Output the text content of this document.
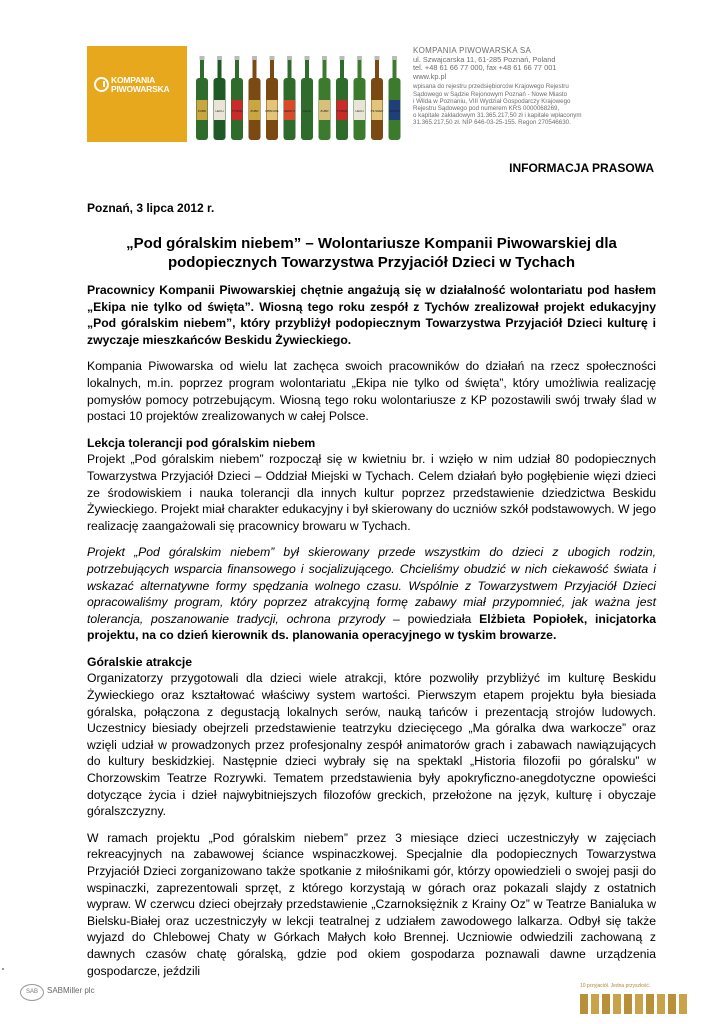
KOMPANIA
PIWOWARSKA
ŻUBR	LECH	TYSKIE	ŻUBR DĘBOWE REDD'S	LECH	ŻUBR	TYSKIE	LECH PILSNER PERONI
KOMPANIA PIWOWARSKA SA
ul. Szwajcarska 11, 61-285 Poznań, Poland
tel. +48 61 66 77 000, fax +48 61 66 77 001
www.kp.pl
wpisana do rejestru przedsiębiorców Krajowego Rejestru
Sądowego w Sądzie Rejonowym Poznań - Nowe Miasto
i Wilda w Poznaniu, VIII Wydział Gospodarczy Krajowego
Rejestru Sądowego pod numerem KRS 0000068269,
o kapitale zakładowym 31.365.217,50 zł i kapitale wpłaconym
31.365.217,50 zł. NIP 646-03-25-155. Regon 270546630.
INFORMACJA PRASOWA
Poznań, 3 lipca 2012 r.
„Pod góralskim niebem” – Wolontariusze Kompanii Piwowarskiej dla
podopiecznych Towarzystwa Przyjaciół Dzieci w Tychach

Pracownicy Kompanii Piwowarskiej chętnie angażują się w działalność wolontariatu pod hasłem „Ekipa nie tylko od święta”. Wiosną tego roku zespół z Tychów zrealizował projekt edukacyjny „Pod góralskim niebem”, który przybliżył podopiecznym Towarzystwa Przyjaciół Dzieci kulturę i zwyczaje mieszkańców Beskidu Żywieckiego.

Kompania Piwowarska od wielu lat zachęca swoich pracowników do działań na rzecz społeczności lokalnych, m.in. poprzez program wolontariatu „Ekipa nie tylko od święta”, który umożliwia realizację pomysłów pomocy potrzebującym. Wiosną tego roku wolontariusze z KP pozostawili swój trwały ślad w postaci 10 projektów zrealizowanych w całej Polsce.

Lekcja tolerancji pod góralskim niebem

Projekt „Pod góralskim niebem” rozpoczął się w kwietniu br. i wzięło w nim udział 80 podopiecznych Towarzystwa Przyjaciół Dzieci – Oddział Miejski w Tychach. Celem działań było pogłębienie więzi dzieci ze środowiskiem i nauka tolerancji dla innych kultur poprzez przedstawienie dziedzictwa Beskidu Żywieckiego. Projekt miał charakter edukacyjny i był skierowany do uczniów szkół podstawowych. W jego realizację zaangażowali się pracownicy browaru w Tychach.

Projekt „Pod góralskim niebem” był skierowany przede wszystkim do dzieci z ubogich rodzin, potrzebujących wsparcia finansowego i socjalizującego. Chcieliśmy obudzić w nich ciekawość świata i wskazać alternatywne formy spędzania wolnego czasu. Wspólnie z Towarzystwem Przyjaciół Dzieci opracowaliśmy program, który poprzez atrakcyjną formę zabawy miał przypomnieć, jak ważna jest tolerancja, poszanowanie tradycji, ochrona przyrody – powiedziała Elżbieta Popiołek, inicjatorka projektu, na co dzień kierownik ds. planowania operacyjnego w tyskim browarze.

Góralskie atrakcje

Organizatorzy przygotowali dla dzieci wiele atrakcji, które pozwoliły przybliżyć im kulturę Beskidu Żywieckiego oraz kształtować właściwy system wartości. Pierwszym etapem projektu była biesiada góralska, połączona z degustacją lokalnych serów, nauką tańców i prezentacją strojów ludowych. Uczestnicy biesiady obejrzeli przedstawienie teatrzyku dziecięcego „Ma góralka dwa warkocze” oraz wzięli udział w prowadzonych przez profesjonalny zespół animatorów grach i zabawach nawiązujących do kultury beskidzkiej. Następnie dzieci wybrały się na spektakl „Historia filozofii po góralsku” w Chorzowskim Teatrze Rozrywki. Tematem przedstawienia były apokryficzno-anegdotyczne opowieści dotyczące życia i dzieł najwybitniejszych filozofów greckich, przełożone na język, kulturę i obyczaje góralszczyzny.

W ramach projektu „Pod góralskim niebem” przez 3 miesiące dzieci uczestniczyły w zajęciach rekreacyjnych na zabawowej ściance wspinaczkowej. Specjalnie dla podopiecznych Towarzystwa Przyjaciół Dzieci zorganizowano także spotkanie z miłośnikami gór, którzy opowiedzieli o swojej pasji do wspinaczki, zaprezentowali sprzęt, z którego korzystają w górach oraz pokazali slajdy z ostatnich wypraw. W czerwcu dzieci obejrzały przedstawienie „Czarnoksiężnik z Krainy Oz” w Teatrze Banialuka w Bielsku-Białej oraz uczestniczyły w lekcji teatralnej z udziałem zawodowego lalkarza. Odbył się także wyjazd do Chlebowej Chaty w Górkach Małych koło Brennej. Uczniowie odwiedzili zachowaną z dawnych czasów chatę góralską, gdzie pod okiem gospodarza poznawali dawne urządzenia gospodarcze, jeździli

SAB	SABMiller plc	10 przyjaciół. Jedna przyszłość.
